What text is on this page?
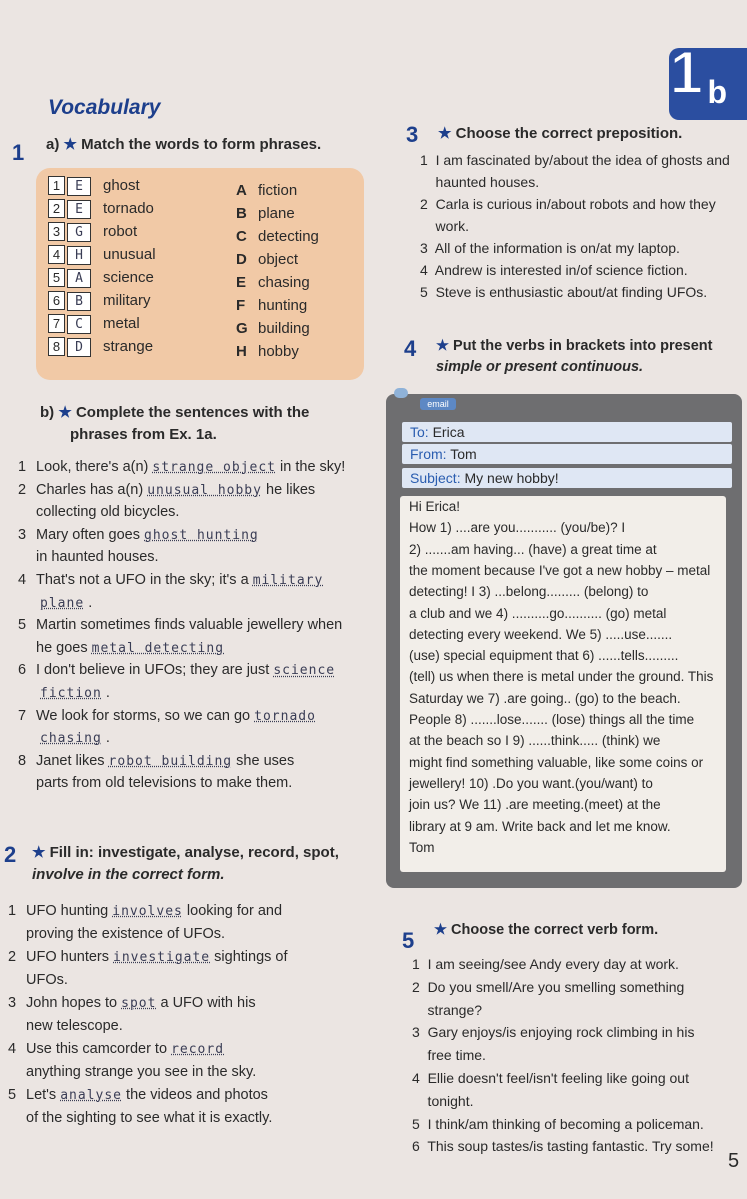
1 b
Vocabulary
1 a) ★ Match the words to form phrases.
1 E ghost
2 E tornado
3 G robot
4 H unusual
5 A science
6 B military
7 C metal
8 D strange
A fiction
B plane
C detecting
D object
E chasing
F hunting
G building
H hobby
b) ★ Complete the sentences with the
phrases from Ex. 1a.
1 Look, there's a(n) strange object in the sky!
2 Charles has a(n) unusual hobby he likes
collecting old bicycles.
3 Mary often goes ghost hunting
in haunted houses.
4 That's not a UFO in the sky; it's a military
plane .
5 Martin sometimes finds valuable jewellery when
he goes metal detecting
6 I don't believe in UFOs; they are just science
fiction .
7 We look for storms, so we can go tornado
chasing .
8 Janet likes robot building she uses
parts from old televisions to make them.
2 ★ Fill in: investigate, analyse, record, spot,
involve in the correct form.
1 UFO hunting involves looking for and
proving the existence of UFOs.
2 UFO hunters investigate sightings of
UFOs.
3 John hopes to spot a UFO with his
new telescope.
4 Use this camcorder to record
anything strange you see in the sky.
5 Let's analyse the videos and photos
of the sighting to see what it is exactly.
3 ★ Choose the correct preposition.
1  I am fascinated by/about the idea of ghosts and
haunted houses.
2  Carla is curious in/about robots and how they
work.
3  All of the information is on/at my laptop.
4  Andrew is interested in/of science fiction.
5  Steve is enthusiastic about/at finding UFOs.
4 ★ Put the verbs in brackets into present
simple or present continuous.
email
To: Erica
From: Tom
Subject: My new hobby!
Hi Erica!
How 1) ....are you........... (you/be)? I
2) .......am having... (have) a great time at
the moment because I've got a new hobby – metal
detecting! I 3) ...belong......... (belong) to
a club and we 4) ..........go.......... (go) metal
detecting every weekend. We 5) .....use.......
(use) special equipment that 6) ......tells.........
(tell) us when there is metal under the ground. This
Saturday we 7) .are going.. (go) to the beach.
People 8) .......lose....... (lose) things all the time
at the beach so I 9) ......think..... (think) we
might find something valuable, like some coins or
jewellery! 10) .Do you want.(you/want) to
join us? We 11) .are meeting.(meet) at the
library at 9 am. Write back and let me know.
Tom
5 ★ Choose the correct verb form.
1  I am seeing/see Andy every day at work.
2  Do you smell/Are you smelling something
strange?
3  Gary enjoys/is enjoying rock climbing in his
free time.
4  Ellie doesn't feel/isn't feeling like going out
tonight.
5  I think/am thinking of becoming a policeman.
6  This soup tastes/is tasting fantastic. Try some!
5
